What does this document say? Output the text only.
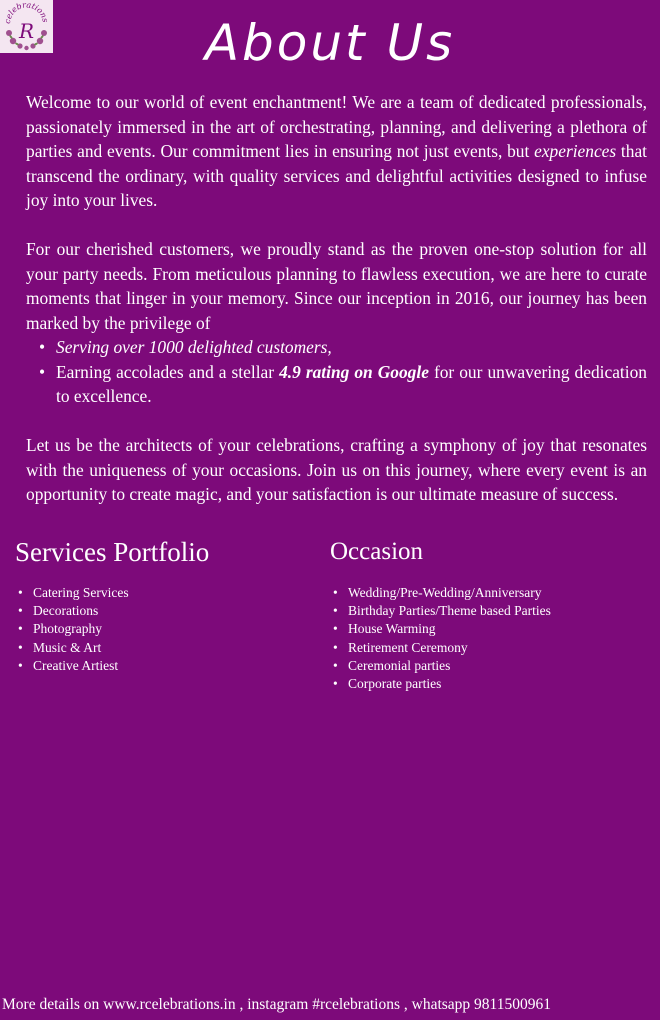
celebrations
R	About Us

Welcome to our world of event enchantment! We are a team of dedicated professionals, passionately immersed in the art of orchestrating, planning, and delivering a plethora of parties and events. Our commitment lies in ensuring not just events, but experiences that transcend the ordinary, with quality services and delightful activities designed to infuse joy into your lives.

For our cherished customers, we proudly stand as the proven one-stop solution for all your party needs. From meticulous planning to flawless execution, we are here to curate moments that linger in your memory. Since our inception in 2016, our journey has been marked by the privilege of

• Serving over 1000 delighted customers,
• Earning accolades and a stellar 4.9 rating on Google for our unwavering dedication to excellence.

Let us be the architects of your celebrations, crafting a symphony of joy that resonates with the uniqueness of your occasions. Join us on this journey, where every event is an opportunity to create magic, and your satisfaction is our ultimate measure of success.

Services Portfolio
• Catering Services
• Decorations
• Photography
• Music & Art
• Creative Artiest
Occasion
• Wedding/Pre-Wedding/Anniversary
• Birthday Parties/Theme based Parties
• House Warming
• Retirement Ceremony
• Ceremonial parties
• Corporate parties
More details on www.rcelebrations.in , instagram #rcelebrations , whatsapp 9811500961
